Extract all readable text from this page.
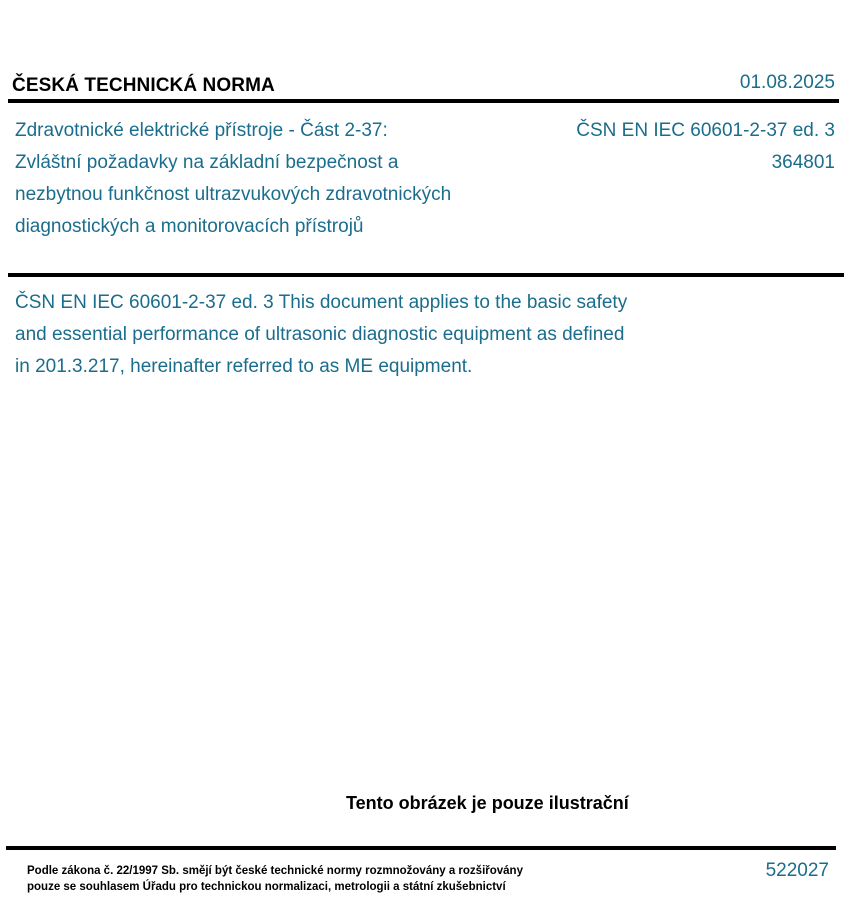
ČESKÁ TECHNICKÁ NORMA	01.08.2025
Zdravotnické elektrické přístroje - Část 2-37:
Zvláštní požadavky na základní bezpečnost a
nezbytnou funkčnost ultrazvukových zdravotnických
diagnostických a monitorovacích přístrojů
ČSN EN IEC 60601-2-37 ed. 3
364801
ČSN EN IEC 60601-2-37 ed. 3 This document applies to the basic safety
and essential performance of ultrasonic diagnostic equipment as defined
in 201.3.217, hereinafter referred to as ME equipment.
Tento obrázek je pouze ilustrační
Podle zákona č. 22/1997 Sb. smějí být české technické normy rozmnožovány a rozšiřovány
pouze se souhlasem Úřadu pro technickou normalizaci, metrologii a státní zkušebnictví
522027
